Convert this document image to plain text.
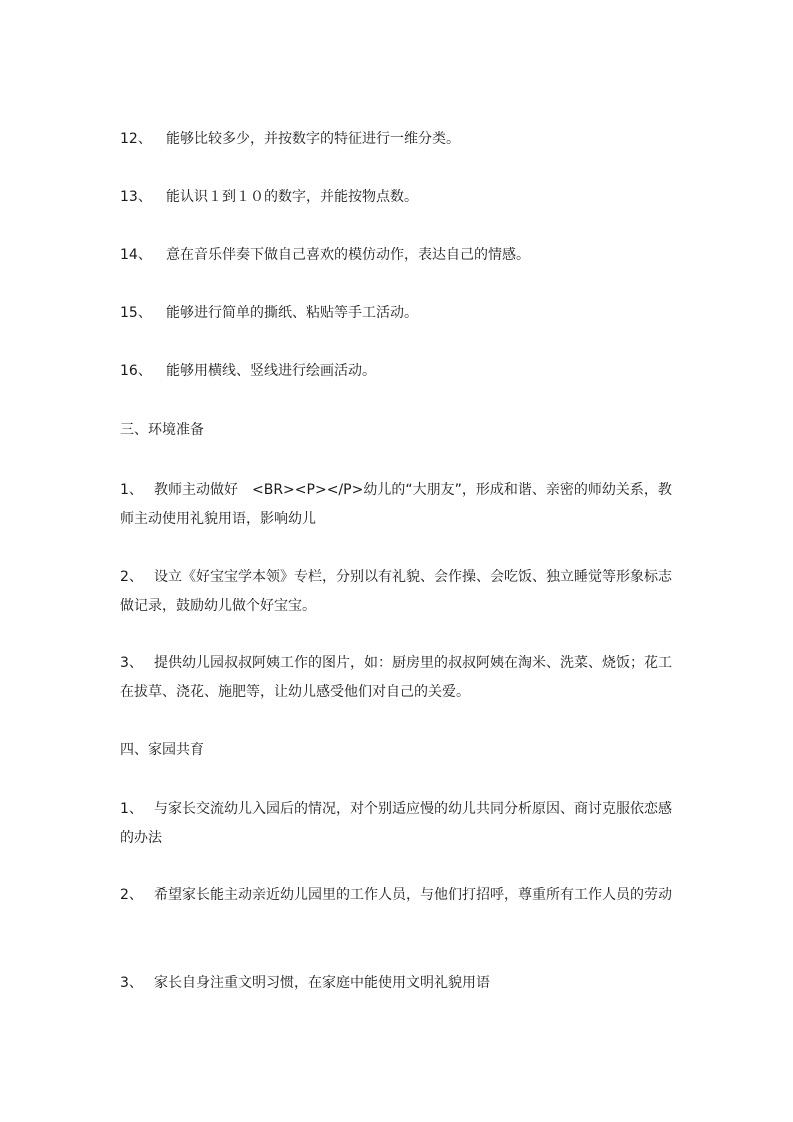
12、 能够比较多少，并按数字的特征进行一维分类。

13、 能认识１到１０的数字，并能按物点数。

14、 意在音乐伴奏下做自己喜欢的模仿动作，表达自己的情感。

15、 能够进行简单的撕纸、粘贴等手工活动。

16、 能够用横线、竖线进行绘画活动。

三、环境准备

1、 教师主动做好　<BR><P></P>幼儿的“大朋友”，形成和谐、亲密的师幼关系，教师主动使用礼貌用语，影响幼儿

2、 设立《好宝宝学本领》专栏，分别以有礼貌、会作操、会吃饭、独立睡觉等形象标志做记录，鼓励幼儿做个好宝宝。

3、 提供幼儿园叔叔阿姨工作的图片，如：厨房里的叔叔阿姨在淘米、洗菜、烧饭；花工在拔草、浇花、施肥等，让幼儿感受他们对自己的关爱。

四、家园共育

1、 与家长交流幼儿入园后的情况，对个别适应慢的幼儿共同分析原因、商讨克服依恋感的办法

2、 希望家长能主动亲近幼儿园里的工作人员，与他们打招呼，尊重所有工作人员的劳动

3、 家长自身注重文明习惯，在家庭中能使用文明礼貌用语
